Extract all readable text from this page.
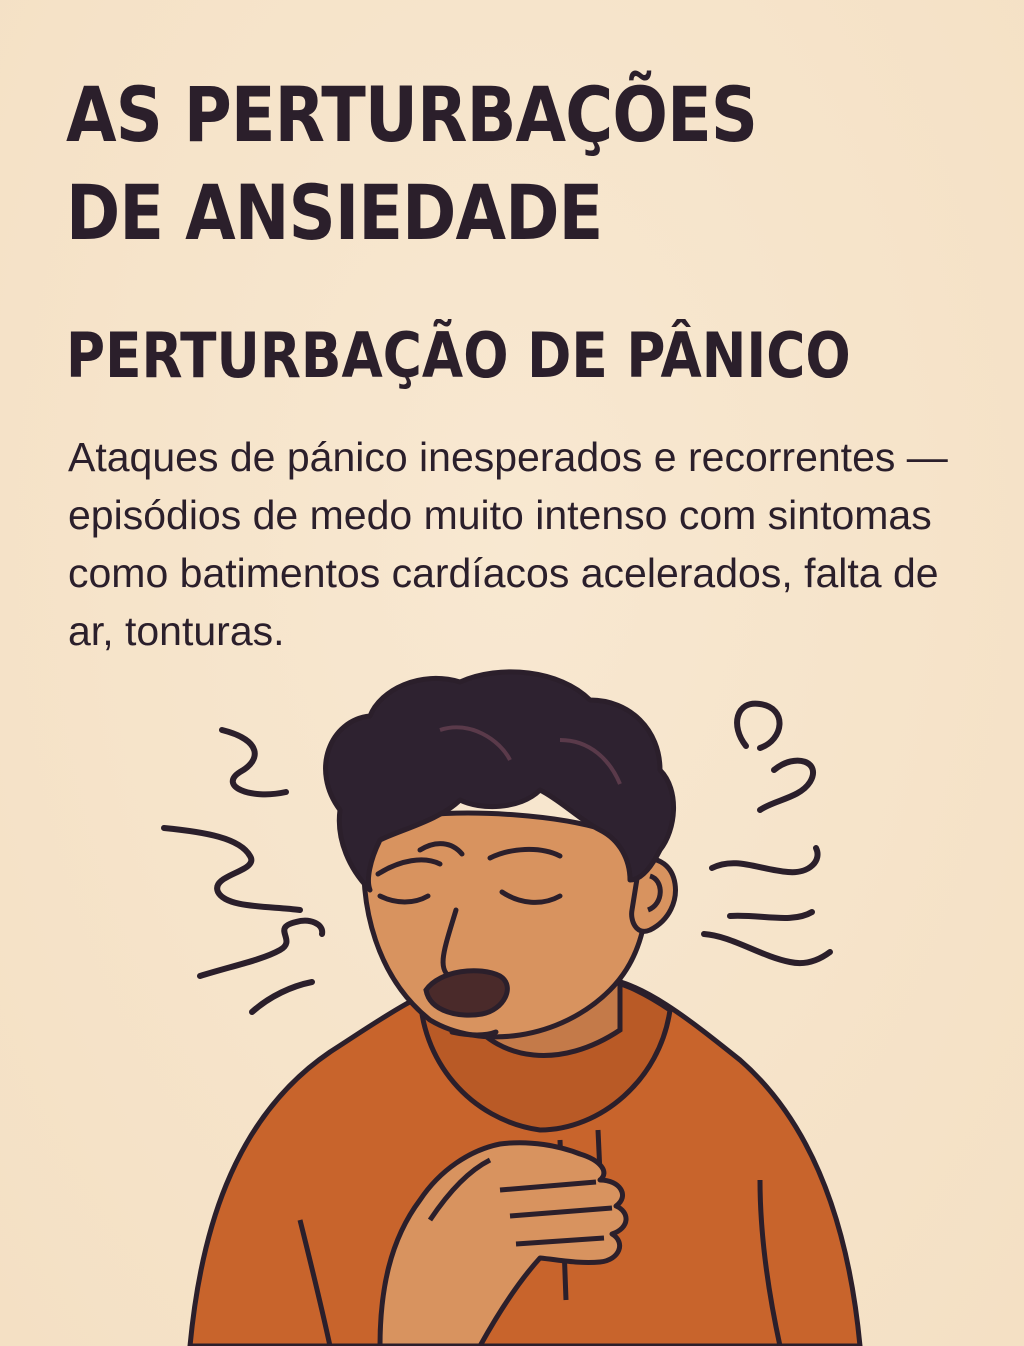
AS PERTURBAÇÕES
DE ANSIEDADE
PERTURBAÇÃO DE PÂNICO

Ataques de pánico inesperados e recorrentes — episódios de medo muito intenso com sintomas como batimentos cardíacos acelerados, falta de ar, tonturas.
